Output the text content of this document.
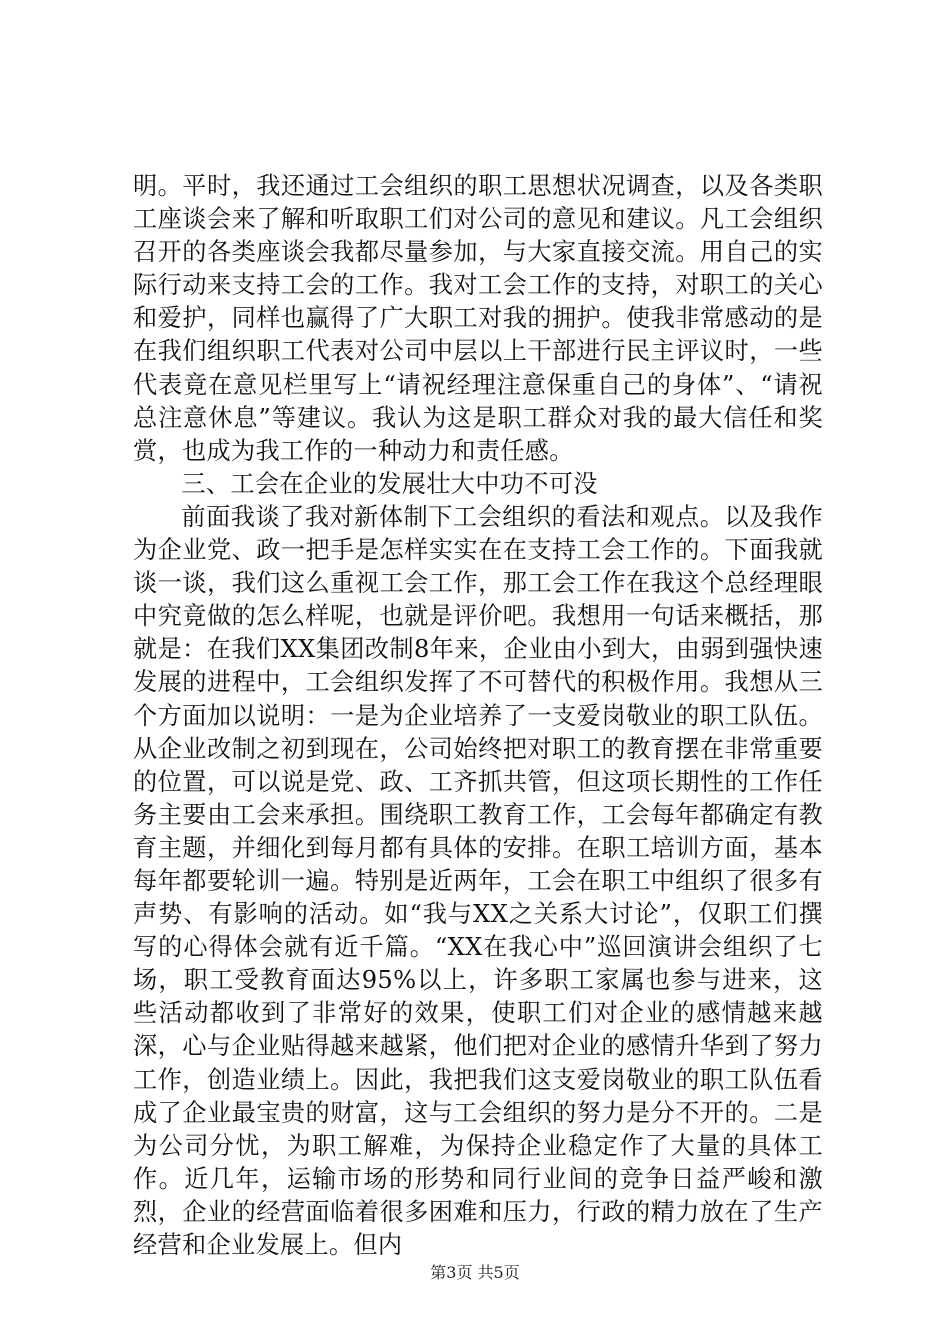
明。平时，我还通过工会组织的职工思想状况调查，以及各类职工座谈会来了解和听取职工们对公司的意见和建议。凡工会组织召开的各类座谈会我都尽量参加，与大家直接交流。用自己的实际行动来支持工会的工作。我对工会工作的支持，对职工的关心和爱护，同样也赢得了广大职工对我的拥护。使我非常感动的是在我们组织职工代表对公司中层以上干部进行民主评议时，一些代表竟在意见栏里写上“请祝经理注意保重自己的身体”、“请祝总注意休息”等建议。我认为这是职工群众对我的最大信任和奖赏，也成为我工作的一种动力和责任感。

三、工会在企业的发展壮大中功不可没

前面我谈了我对新体制下工会组织的看法和观点。以及我作为企业党、政一把手是怎样实实在在支持工会工作的。下面我就谈一谈，我们这么重视工会工作，那工会工作在我这个总经理眼中究竟做的怎么样呢，也就是评价吧。我想用一句话来概括，那就是：在我们XX集团改制8年来，企业由小到大，由弱到强快速发展的进程中，工会组织发挥了不可替代的积极作用。我想从三个方面加以说明：一是为企业培养了一支爱岗敬业的职工队伍。从企业改制之初到现在，公司始终把对职工的教育摆在非常重要的位置，可以说是党、政、工齐抓共管，但这项长期性的工作任务主要由工会来承担。围绕职工教育工作，工会每年都确定有教育主题，并细化到每月都有具体的安排。在职工培训方面，基本每年都要轮训一遍。特别是近两年，工会在职工中组织了很多有声势、有影响的活动。如“我与XX之关系大讨论”，仅职工们撰写的心得体会就有近千篇。“XX在我心中”巡回演讲会组织了七场，职工受教育面达95%以上，许多职工家属也参与进来，这些活动都收到了非常好的效果，使职工们对企业的感情越来越深，心与企业贴得越来越紧，他们把对企业的感情升华到了努力工作，创造业绩上。因此，我把我们这支爱岗敬业的职工队伍看成了企业最宝贵的财富，这与工会组织的努力是分不开的。二是为公司分忧，为职工解难，为保持企业稳定作了大量的具体工作。近几年，运输市场的形势和同行业间的竞争日益严峻和激烈，企业的经营面临着很多困难和压力，行政的精力放在了生产经营和企业发展上。但内

第3页 共5页
